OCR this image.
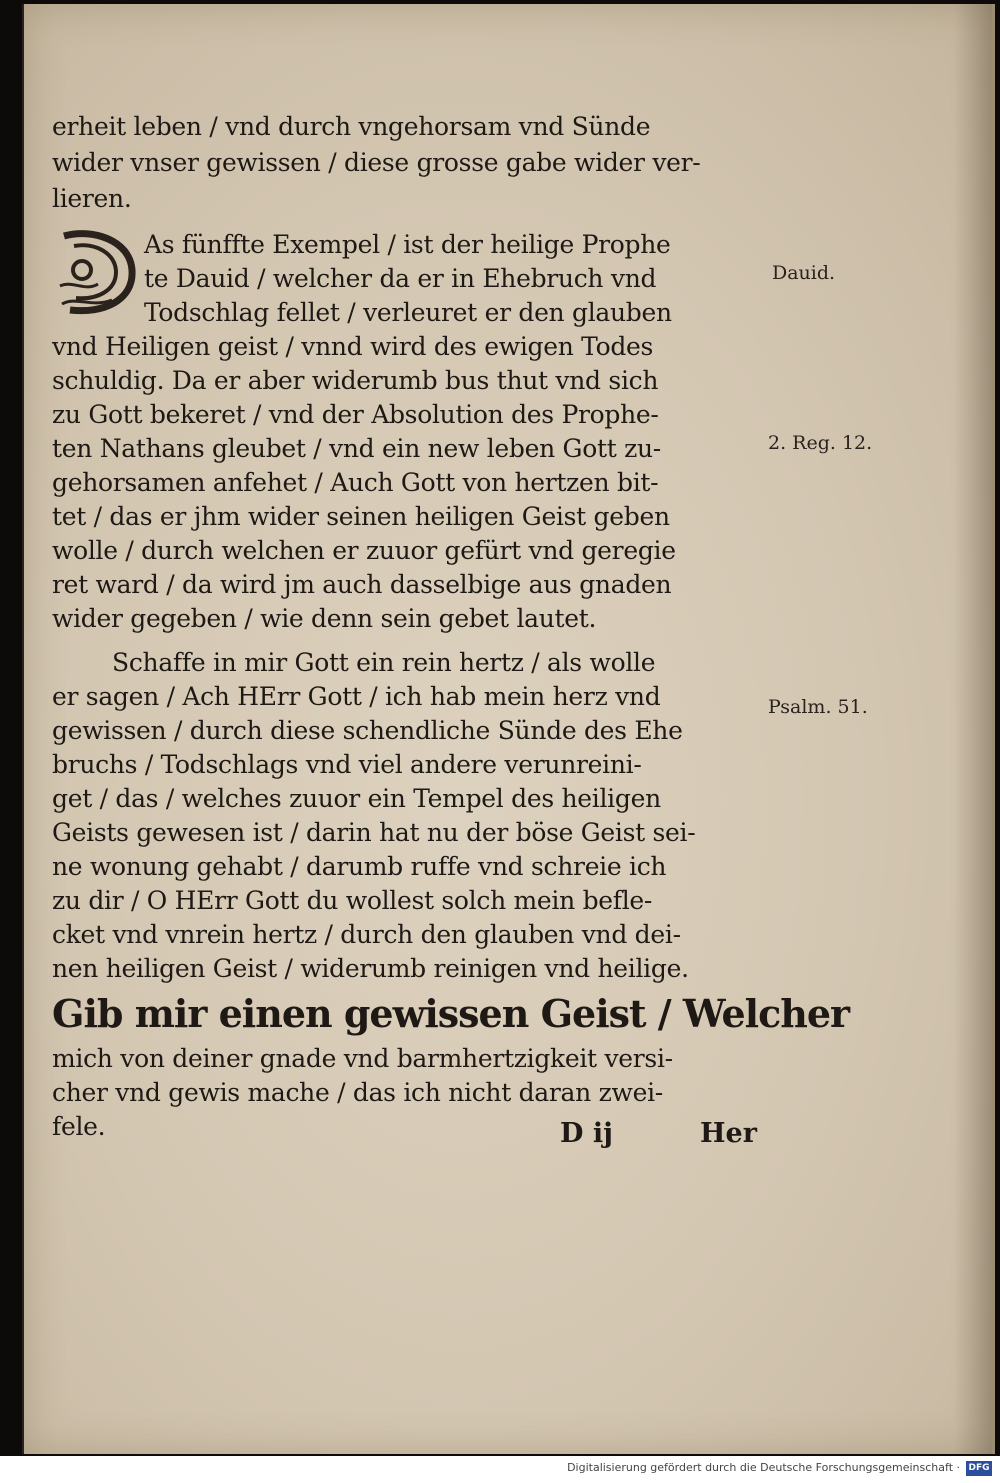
erheit leben / vnd durch vngehorsam vnd Sünde
wider vnser gewissen / diese grosse gabe wider ver-
lieren.
As fünffte Exempel / ist der heilige Prophe
te Dauid / welcher da er in Ehebruch vnd
Todschlag fellet / verleuret er den glauben
vnd Heiligen geist / vnnd wird des ewigen Todes
schuldig. Da er aber widerumb bus thut vnd sich
zu Gott bekeret / vnd der Absolution des Prophe-
ten Nathans gleubet / vnd ein new leben Gott zu-
gehorsamen anfehet / Auch Gott von hertzen bit-
tet / das er jhm wider seinen heiligen Geist geben
wolle / durch welchen er zuuor gefürt vnd geregie
ret ward / da wird jm auch dasselbige aus gnaden
wider gegeben / wie denn sein gebet lautet.
Schaffe in mir Gott ein rein hertz / als wolle
er sagen / Ach HErr Gott / ich hab mein herz vnd
gewissen / durch diese schendliche Sünde des Ehe
bruchs / Todschlags vnd viel andere verunreini-
get / das / welches zuuor ein Tempel des heiligen
Geists gewesen ist / darin hat nu der böse Geist sei-
ne wonung gehabt / darumb ruffe vnd schreie ich
zu dir / O HErr Gott du wollest solch mein befle-
cket vnd vnrein hertz / durch den glauben vnd dei-
nen heiligen Geist / widerumb reinigen vnd heilige.
Gib mir einen gewissen Geist / Welcher
mich von deiner gnade vnd barmhertzigkeit versi-
cher vnd gewis mache / das ich nicht daran zwei-
fele.
Dauid.
2. Reg. 12.
Psalm. 51.
D ij	Her
Digitalisierung gefördert durch die Deutsche Forschungsgemeinschaft · DFG
